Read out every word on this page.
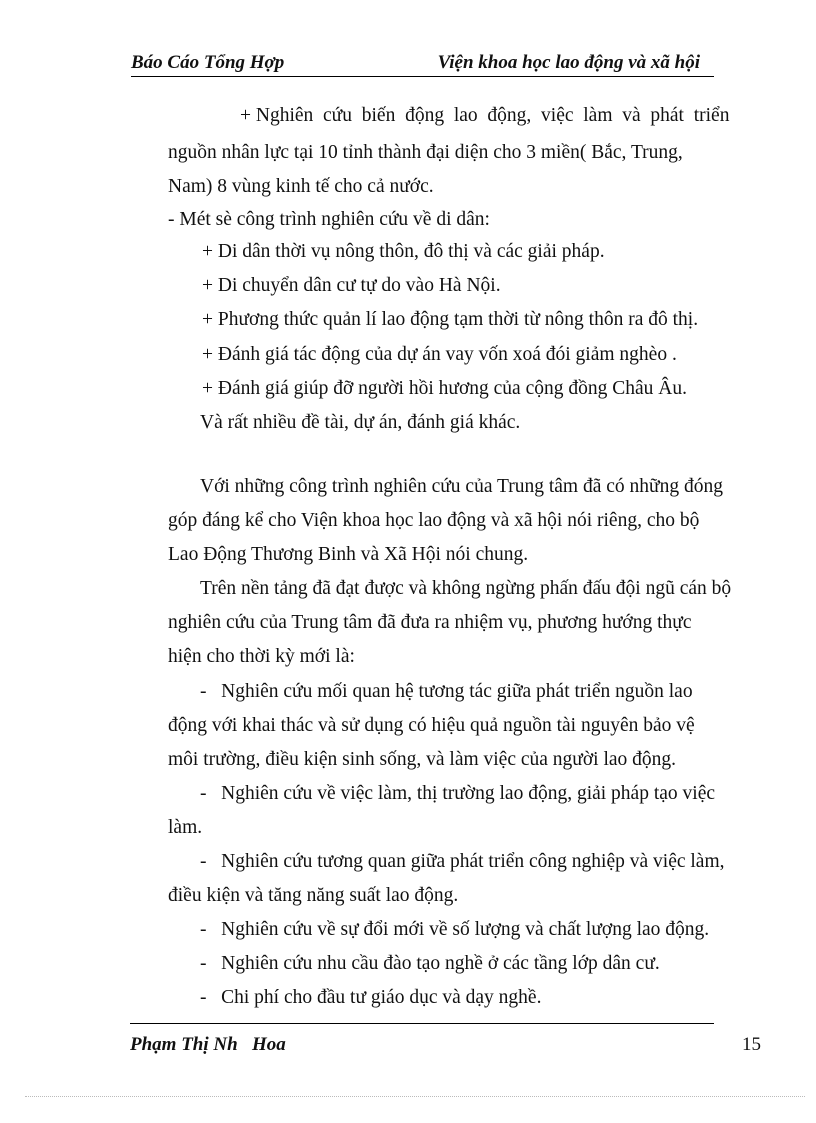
Báo Cáo Tổng Hợp	Viện khoa học lao động và xã hội
+ Nghiên  cứu  biến  động  lao  động,  việc  làm  và  phát  triển
nguồn nhân lực tại 10 tỉnh thành đại diện cho 3 miền( Bắc, Trung,
Nam) 8 vùng kinh tế cho cả nước.
- Mét sè công trình nghiên cứu về di dân:
+ Di dân thời vụ nông thôn, đô thị và các giải pháp.
+ Di chuyển dân cư tự do vào Hà Nội.
+ Phương thức quản lí lao động tạm thời từ nông thôn ra đô thị.
+ Đánh giá tác động của dự án vay vốn xoá đói giảm nghèo .
+ Đánh giá giúp đỡ người hồi hương của cộng đồng Châu Âu.
Và rất nhiều đề tài, dự án, đánh giá khác.
Với những công trình nghiên cứu của Trung tâm đã có những đóng
góp đáng kể cho Viện khoa học lao động và xã hội nói riêng, cho bộ
Lao Động Thương Binh và Xã Hội nói chung.
Trên nền tảng đã đạt được và không ngừng phấn đấu đội ngũ cán bộ
nghiên cứu của Trung tâm đã đưa ra nhiệm vụ, phương hướng thực
hiện cho thời kỳ mới là:
-   Nghiên cứu mối quan hệ tương tác giữa phát triển nguồn lao
động với khai thác và sử dụng có hiệu quả nguồn tài nguyên bảo vệ
môi trường, điều kiện sinh sống, và làm việc của người lao động.
-   Nghiên cứu về việc làm, thị trường lao động, giải pháp tạo việc
làm.
-   Nghiên cứu tương quan giữa phát triển công nghiệp và việc làm,
điều kiện và tăng năng suất lao động.
-   Nghiên cứu về sự đổi mới về số lượng và chất lượng lao động.
-   Nghiên cứu nhu cầu đào tạo nghề ở các tầng lớp dân cư.
-   Chi phí cho đầu tư giáo dục và dạy nghề.
Phạm Thị Nh   Hoa	15
